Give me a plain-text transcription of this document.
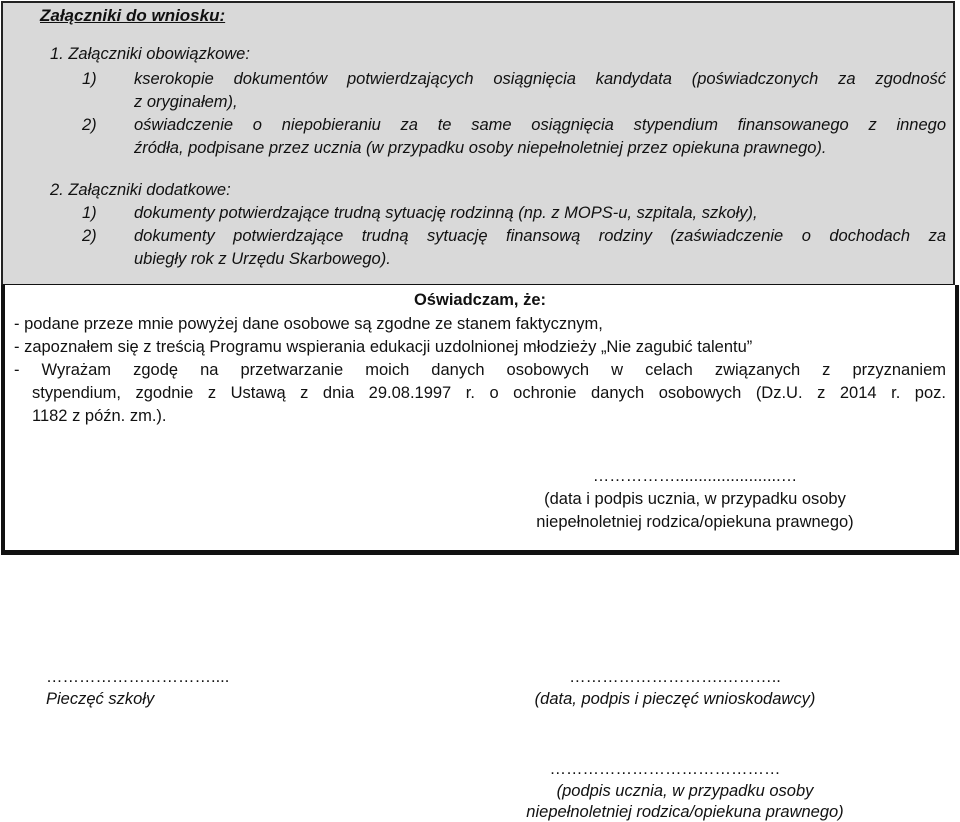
Załączniki do wniosku:
1. Załączniki obowiązkowe:
1) kserokopie dokumentów potwierdzających osiągnięcia kandydata (poświadczonych za zgodność
z oryginałem),
2) oświadczenie o niepobieraniu za te same osiągnięcia stypendium finansowanego z innego
źródła, podpisane przez ucznia (w przypadku osoby niepełnoletniej przez opiekuna prawnego).
2. Załączniki dodatkowe:
1) dokumenty potwierdzające trudną sytuację rodzinną (np. z MOPS-u, szpitala, szkoły),
2) dokumenty potwierdzające trudną sytuację finansową rodziny (zaświadczenie o dochodach za
ubiegły rok z Urzędu Skarbowego).
Oświadczam, że:
- podane przeze mnie powyżej dane osobowe są zgodne ze stanem faktycznym,
- zapoznałem się z treścią Programu wspierania edukacji uzdolnionej młodzieży „Nie zagubić talentu”
- Wyrażam zgodę na przetwarzanie moich danych osobowych w celach związanych z przyznaniem
stypendium, zgodnie z Ustawą z dnia 29.08.1997 r. o ochronie danych osobowych (Dz.U. z 2014 r. poz.
1182 z późn. zm.).
…………….......................…
(data i podpis ucznia, w przypadku osoby
niepełnoletniej rodzica/opiekuna prawnego)
…………………………....
Pieczęć szkoły
……………………….………..
(data, podpis i pieczęć wnioskodawcy)
……………………………………
(podpis ucznia, w przypadku osoby
niepełnoletniej rodzica/opiekuna prawnego)
